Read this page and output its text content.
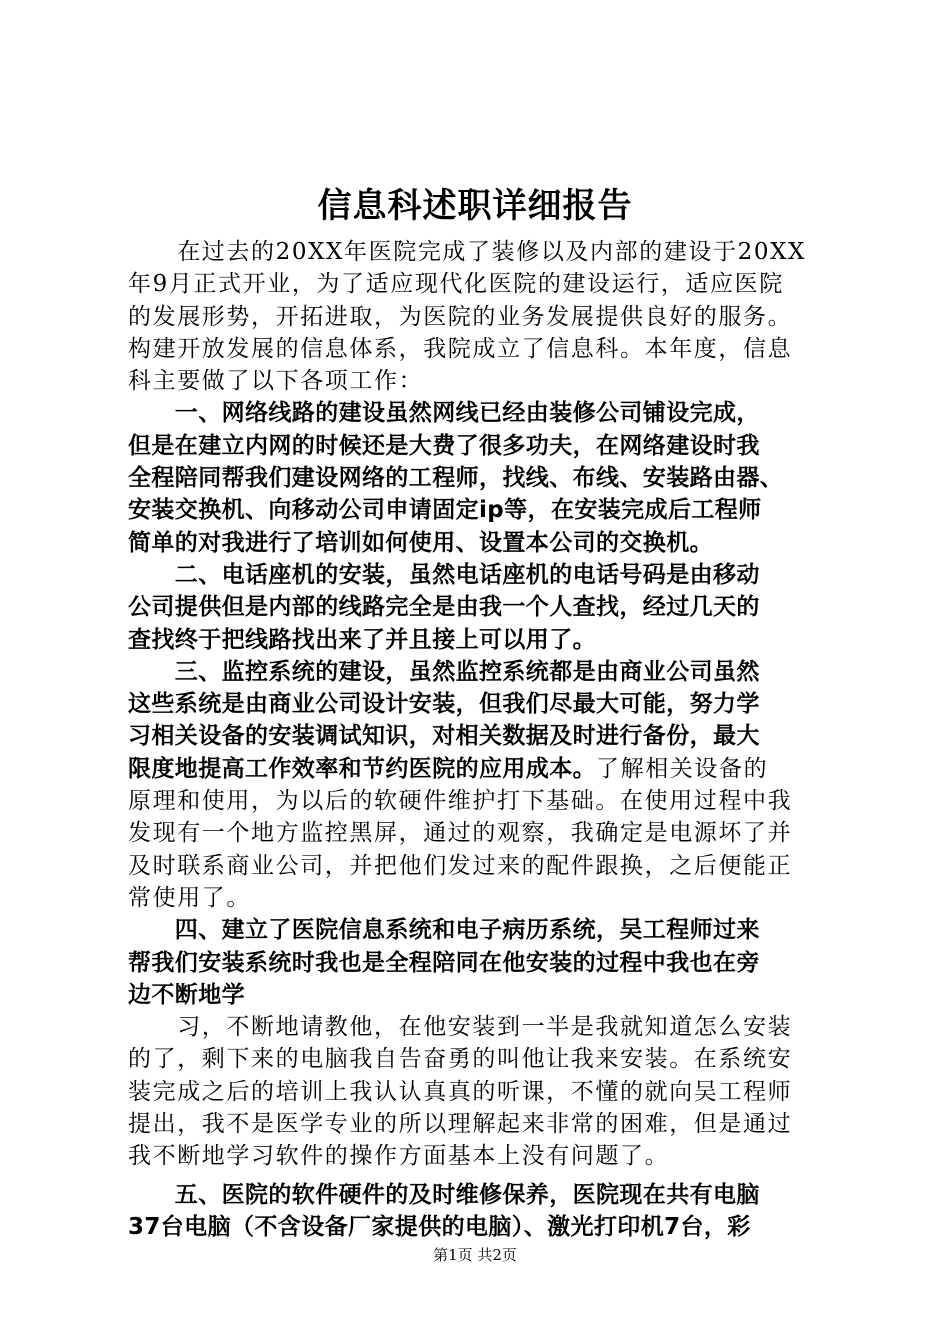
信息科述职详细报告
　　在过去的20XX年医院完成了装修以及内部的建设于20XX
年9月正式开业，为了适应现代化医院的建设运行，适应医院
的发展形势，开拓进取，为医院的业务发展提供良好的服务。
构建开放发展的信息体系，我院成立了信息科。本年度，信息
科主要做了以下各项工作：
　　一、网络线路的建设虽然网线已经由装修公司铺设完成，
但是在建立内网的时候还是大费了很多功夫，在网络建设时我
全程陪同帮我们建设网络的工程师，找线、布线、安装路由器、
安装交换机、向移动公司申请固定ip等，在安装完成后工程师
简单的对我进行了培训如何使用、设置本公司的交换机。
　　二、电话座机的安装，虽然电话座机的电话号码是由移动
公司提供但是内部的线路完全是由我一个人查找，经过几天的
查找终于把线路找出来了并且接上可以用了。
　　三、监控系统的建设，虽然监控系统都是由商业公司虽然
这些系统是由商业公司设计安装，但我们尽最大可能，努力学
习相关设备的安装调试知识，对相关数据及时进行备份，最大
限度地提高工作效率和节约医院的应用成本。了解相关设备的
原理和使用，为以后的软硬件维护打下基础。在使用过程中我
发现有一个地方监控黑屏，通过的观察，我确定是电源坏了并
及时联系商业公司，并把他们发过来的配件跟换，之后便能正
常使用了。
　　四、建立了医院信息系统和电子病历系统，吴工程师过来
帮我们安装系统时我也是全程陪同在他安装的过程中我也在旁
边不断地学
　　习，不断地请教他，在他安装到一半是我就知道怎么安装
的了，剩下来的电脑我自告奋勇的叫他让我来安装。在系统安
装完成之后的培训上我认认真真的听课，不懂的就向吴工程师
提出，我不是医学专业的所以理解起来非常的困难，但是通过
我不断地学习软件的操作方面基本上没有问题了。
　　五、医院的软件硬件的及时维修保养，医院现在共有电脑
37台电脑（不含设备厂家提供的电脑）、激光打印机7台，彩
第1页 共2页
